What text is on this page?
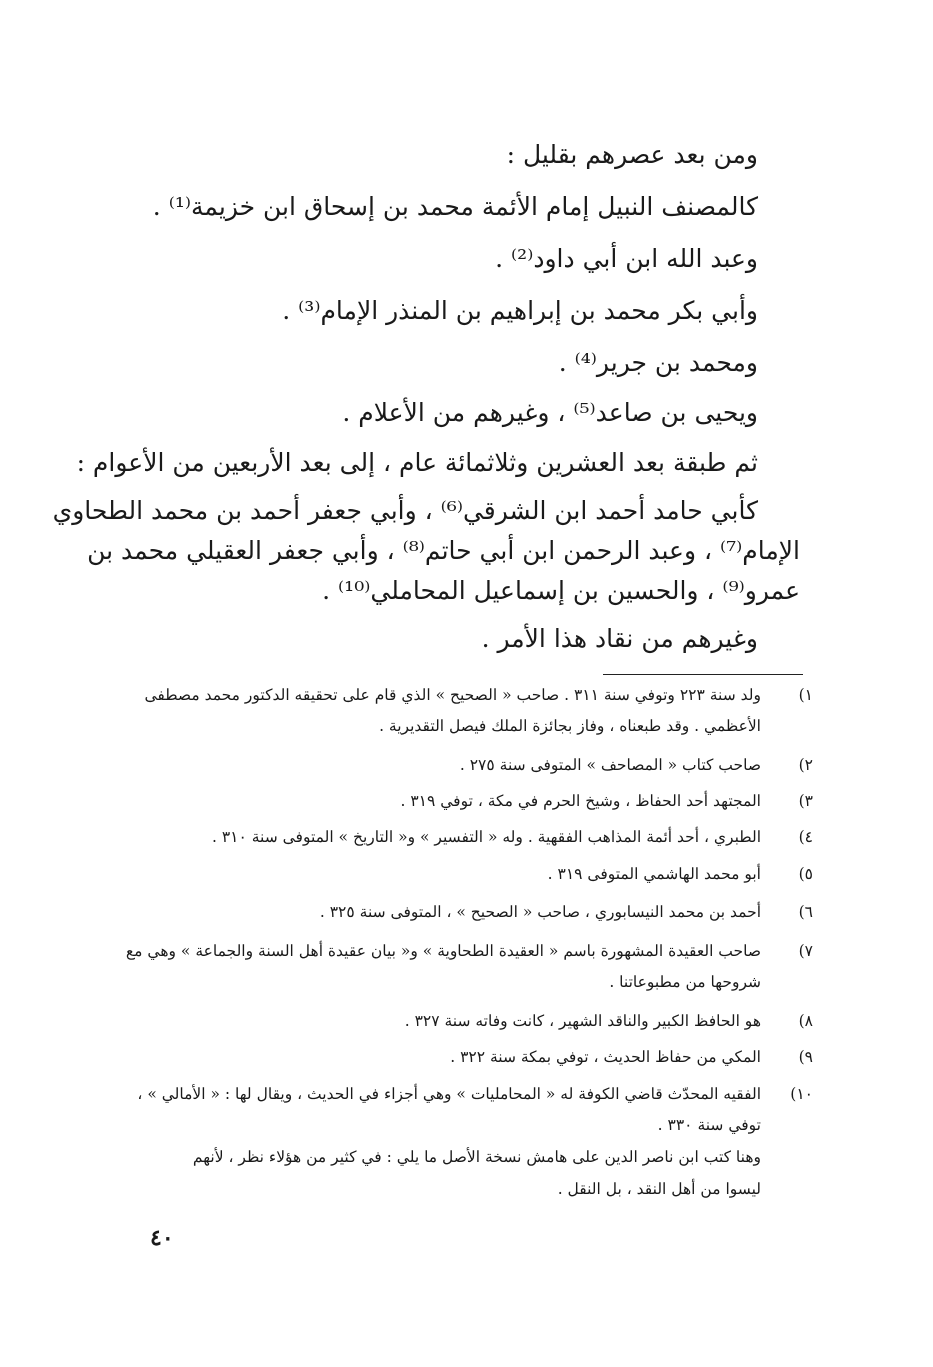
ومن بعد عصرهم بقليل :
كالمصنف النبيل إمام الأئمة محمد بن إسحاق ابن خزيمة⁽¹⁾ .
وعبد الله ابن أبي داود⁽²⁾ .
وأبي بكر محمد بن إبراهيم بن المنذر الإمام⁽³⁾ .
ومحمد بن جرير⁽⁴⁾ .
ويحيى بن صاعد⁽⁵⁾ ، وغيرهم من الأعلام .
ثم طبقة بعد العشرين وثلاثمائة عام ، إلى بعد الأربعين من الأعوام :
كأبي حامد أحمد ابن الشرقي⁽⁶⁾ ، وأبي جعفر أحمد بن محمد الطحاوي
الإمام⁽⁷⁾ ، وعبد الرحمن ابن أبي حاتم⁽⁸⁾ ، وأبي جعفر العقيلي محمد بن
عمرو⁽⁹⁾ ، والحسين بن إسماعيل المحاملي⁽¹⁰⁾ .
وغيرهم من نقاد هذا الأمر .
١)
ولد سنة ٢٢٣ وتوفي سنة ٣١١ . صاحب « الصحيح » الذي قام على تحقيقه الدكتور محمد مصطفى
الأعظمي . وقد طبعناه ، وفاز بجائزة الملك فيصل التقديرية .
٢)
صاحب كتاب « المصاحف » المتوفى سنة ٢٧٥ .
٣)
المجتهد أحد الحفاظ ، وشيخ الحرم في مكة ، توفي ٣١٩ .
٤)
الطبري ، أحد أئمة المذاهب الفقهية . وله « التفسير » و« التاريخ » المتوفى سنة ٣١٠ .
٥)
أبو محمد الهاشمي المتوفى ٣١٩ .
٦)
أحمد بن محمد النيسابوري ، صاحب « الصحيح » ، المتوفى سنة ٣٢٥ .
٧)
صاحب العقيدة المشهورة باسم « العقيدة الطحاوية » و« بيان عقيدة أهل السنة والجماعة » وهي مع
شروحها من مطبوعاتنا .
٨)
هو الحافظ الكبير والناقد الشهير ، كانت وفاته سنة ٣٢٧ .
٩)
المكي من حفاظ الحديث ، توفي بمكة سنة ٣٢٢ .
١٠)
الفقيه المحدّث قاضي الكوفة له « المحامليات » وهي أجزاء في الحديث ، ويقال لها : « الأمالي » ،
توفي سنة ٣٣٠ .
وهنا كتب ابن ناصر الدين على هامش نسخة الأصل ما يلي : في كثير من هؤلاء نظر ، لأنهم
ليسوا من أهل النقد ، بل النقل .
٤٠
